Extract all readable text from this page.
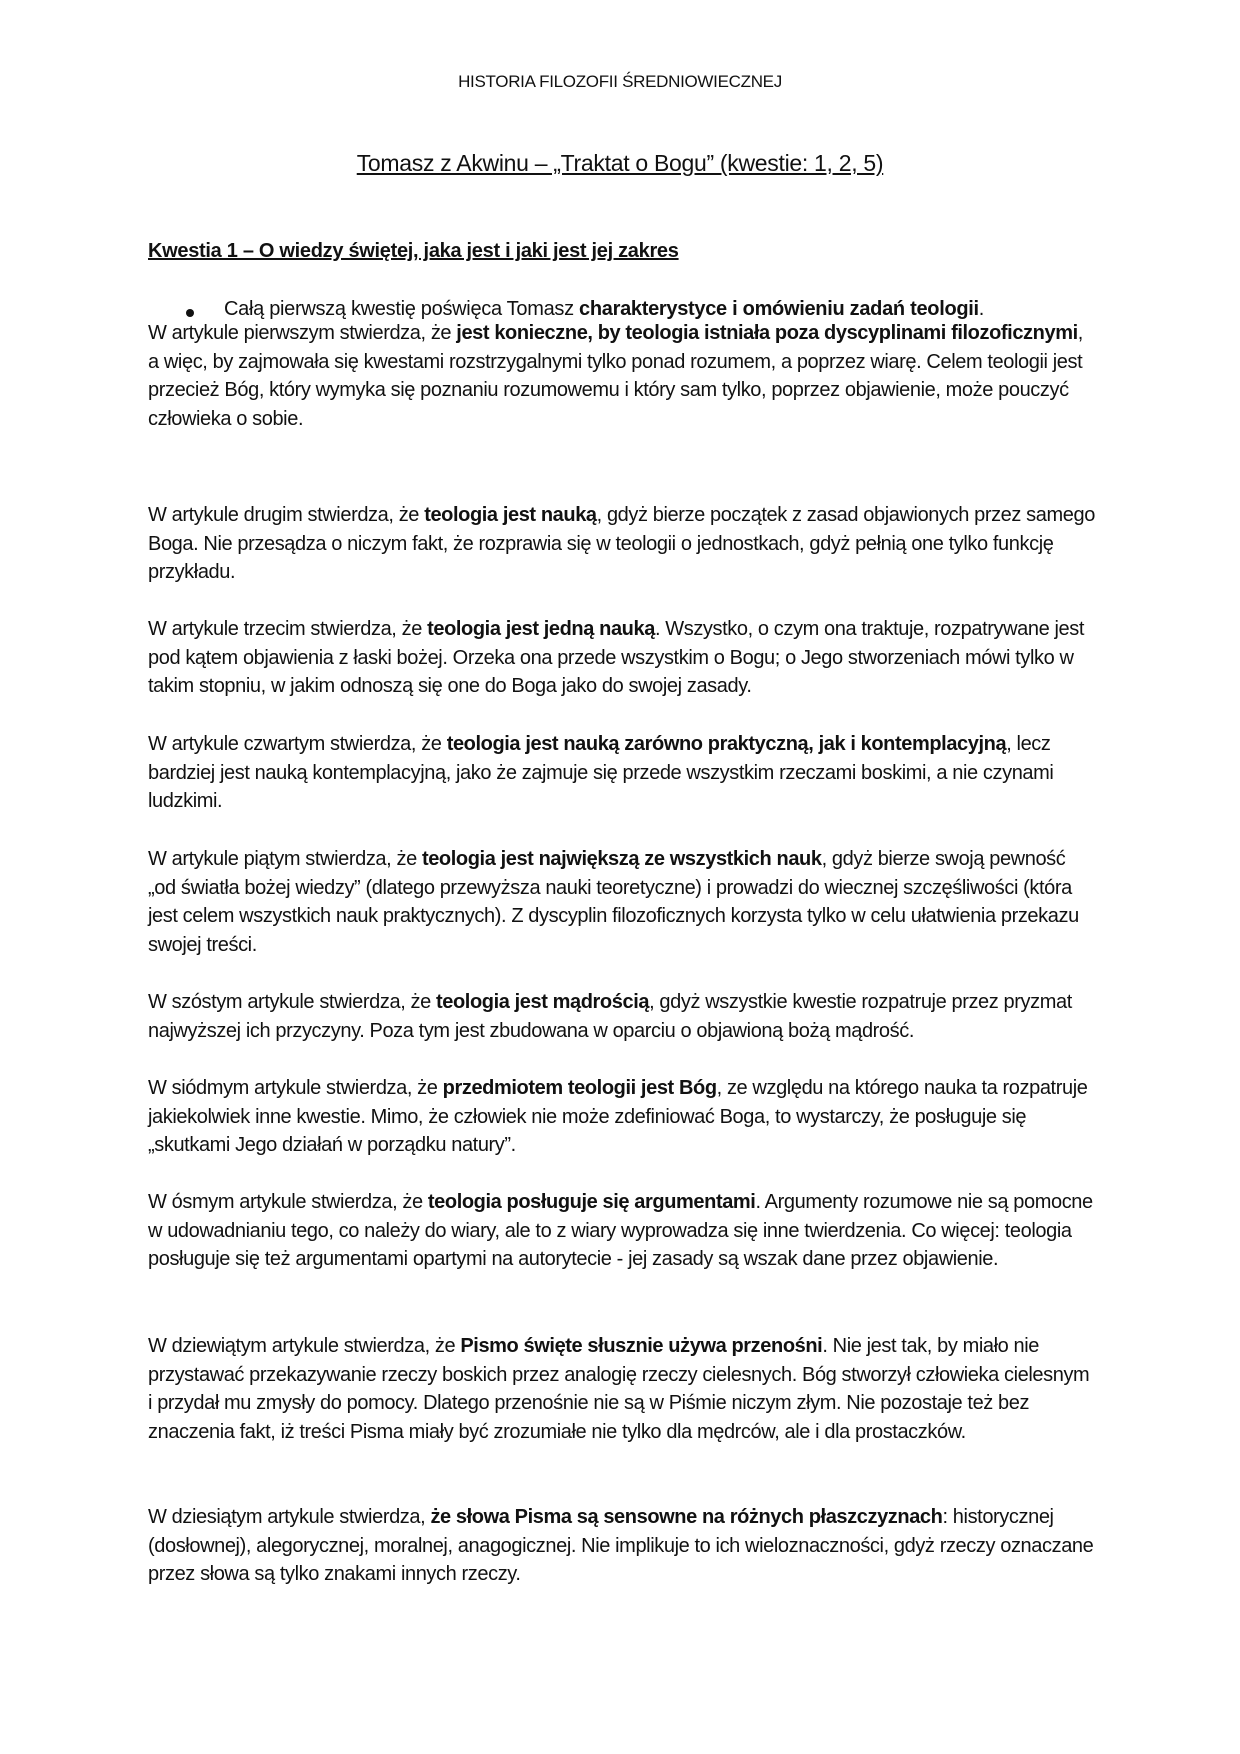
HISTORIA FILOZOFII ŚREDNIOWIECZNEJ
Tomasz z Akwinu – „Traktat o Bogu” (kwestie: 1, 2, 5)
Kwestia 1 – O wiedzy świętej, jaka jest i jaki jest jej zakres
Całą pierwszą kwestię poświęca Tomasz charakterystyce i omówieniu zadań teologii.

W artykule pierwszym stwierdza, że jest konieczne, by teologia istniała poza dyscyplinami filozoficznymi, a więc, by zajmowała się kwestami rozstrzygalnymi tylko ponad rozumem, a poprzez wiarę. Celem teologii jest przecież Bóg, który wymyka się poznaniu rozumowemu i który sam tylko, poprzez objawienie, może pouczyć człowieka o sobie.

W artykule drugim stwierdza, że teologia jest nauką, gdyż bierze początek z zasad objawionych przez samego Boga. Nie przesądza o niczym fakt, że rozprawia się w teologii o jednostkach, gdyż pełnią one tylko funkcję przykładu.

W artykule trzecim stwierdza, że teologia jest jedną nauką. Wszystko, o czym ona traktuje, rozpatrywane jest pod kątem objawienia z łaski bożej. Orzeka ona przede wszystkim o Bogu; o Jego stworzeniach mówi tylko w takim stopniu, w jakim odnoszą się one do Boga jako do swojej zasady.

W artykule czwartym stwierdza, że teologia jest nauką zarówno praktyczną, jak i kontemplacyjną, lecz bardziej jest nauką kontemplacyjną, jako że zajmuje się przede wszystkim rzeczami boskimi, a nie czynami ludzkimi.

W artykule piątym stwierdza, że teologia jest największą ze wszystkich nauk, gdyż bierze swoją pewność „od światła bożej wiedzy” (dlatego przewyższa nauki teoretyczne) i prowadzi do wiecznej szczęśliwości (która jest celem wszystkich nauk praktycznych). Z dyscyplin filozoficznych korzysta tylko w celu ułatwienia przekazu swojej treści.

W szóstym artykule stwierdza, że teologia jest mądrością, gdyż wszystkie kwestie rozpatruje przez pryzmat najwyższej ich przyczyny. Poza tym jest zbudowana w oparciu o objawioną bożą mądrość.

W siódmym artykule stwierdza, że przedmiotem teologii jest Bóg, ze względu na którego nauka ta rozpatruje jakiekolwiek inne kwestie. Mimo, że człowiek nie może zdefiniować Boga, to wystarczy, że posługuje się „skutkami Jego działań w porządku natury”.

W ósmym artykule stwierdza, że teologia posługuje się argumentami. Argumenty rozumowe nie są pomocne w udowadnianiu tego, co należy do wiary, ale to z wiary wyprowadza się inne twierdzenia. Co więcej: teologia posługuje się też argumentami opartymi na autorytecie - jej zasady są wszak dane przez objawienie.

W dziewiątym artykule stwierdza, że Pismo święte słusznie używa przenośni. Nie jest tak, by miało nie przystawać przekazywanie rzeczy boskich przez analogię rzeczy cielesnych. Bóg stworzył człowieka cielesnym i przydał mu zmysły do pomocy. Dlatego przenośnie nie są w Piśmie niczym złym. Nie pozostaje też bez znaczenia fakt, iż treści Pisma miały być zrozumiałe nie tylko dla mędrców, ale i dla prostaczków.

W dziesiątym artykule stwierdza, że słowa Pisma są sensowne na różnych płaszczyznach: historycznej (dosłownej), alegorycznej, moralnej, anagogicznej. Nie implikuje to ich wieloznaczności, gdyż rzeczy oznaczane przez słowa są tylko znakami innych rzeczy.
